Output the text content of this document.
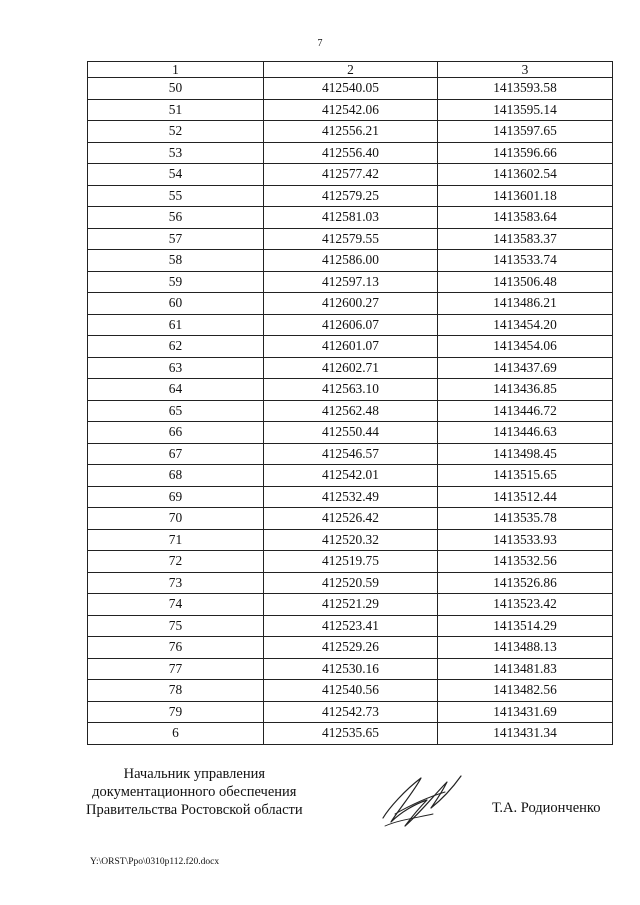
7
1	2	3
50	412540.05	1413593.58
51	412542.06	1413595.14
52	412556.21	1413597.65
53	412556.40	1413596.66
54	412577.42	1413602.54
55	412579.25	1413601.18
56	412581.03	1413583.64
57	412579.55	1413583.37
58	412586.00	1413533.74
59	412597.13	1413506.48
60	412600.27	1413486.21
61	412606.07	1413454.20
62	412601.07	1413454.06
63	412602.71	1413437.69
64	412563.10	1413436.85
65	412562.48	1413446.72
66	412550.44	1413446.63
67	412546.57	1413498.45
68	412542.01	1413515.65
69	412532.49	1413512.44
70	412526.42	1413535.78
71	412520.32	1413533.93
72	412519.75	1413532.56
73	412520.59	1413526.86
74	412521.29	1413523.42
75	412523.41	1413514.29
76	412529.26	1413488.13
77	412530.16	1413481.83
78	412540.56	1413482.56
79	412542.73	1413431.69
6	412535.65	1413431.34
Начальник управления
документационного обеспечения
Правительства Ростовской области	Т.А. Родионченко
Y:\ORST\Ppo\0310p112.f20.docx
